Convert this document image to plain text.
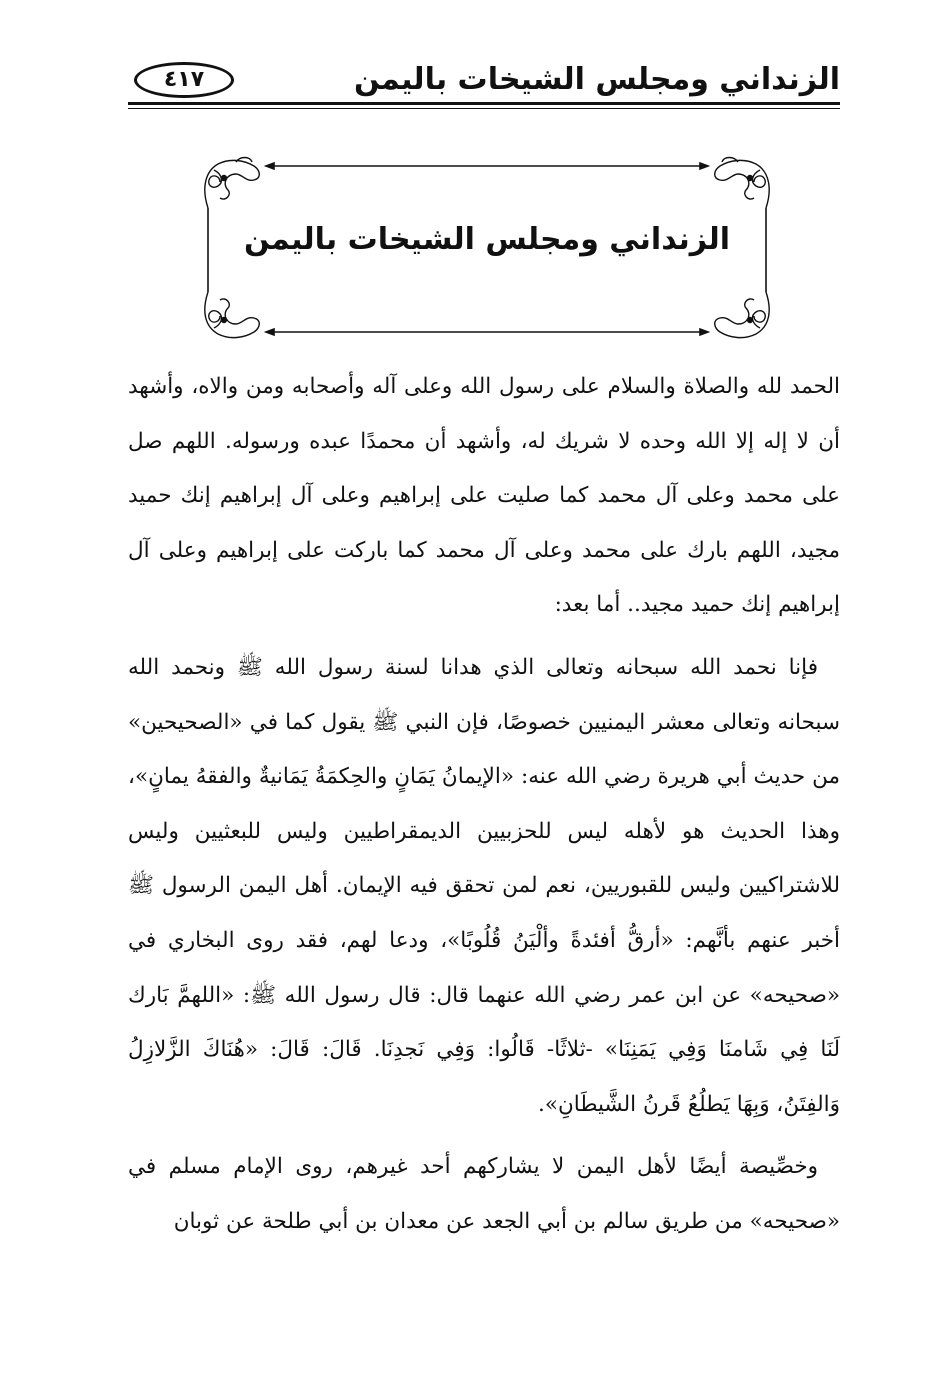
الزنداني ومجلس الشيخات باليمن
٤١٧
الزنداني ومجلس الشيخات باليمن

الحمد لله والصلاة والسلام على رسول الله وعلى آله وأصحابه ومن والاه، وأشهد أن لا إله إلا الله وحده لا شريك له، وأشهد أن محمدًا عبده ورسوله. اللهم صل على محمد وعلى آل محمد كما صليت على إبراهيم وعلى آل إبراهيم إنك حميد مجيد، اللهم بارك على محمد وعلى آل محمد كما باركت على إبراهيم وعلى آل إبراهيم إنك حميد مجيد.. أما بعد:

فإنا نحمد الله سبحانه وتعالى الذي هدانا لسنة رسول الله ﷺ ونحمد الله سبحانه وتعالى معشر اليمنيين خصوصًا، فإن النبي ﷺ يقول كما في «الصحيحين» من حديث أبي هريرة رضي الله عنه: «الإيمانُ يَمَانٍ والحِكمَةُ يَمَانيةٌ والفقهُ يمانٍ»، وهذا الحديث هو لأهله ليس للحزبيين الديمقراطيين وليس للبعثيين وليس للاشتراكيين وليس للقبوريين، نعم لمن تحقق فيه الإيمان. أهل اليمن الرسول ﷺ أخبر عنهم بأنَّهم: «أرقُّ أفئدةً وألْيَنُ قُلُوبًا»، ودعا لهم، فقد روى البخاري في «صحيحه» عن ابن عمر رضي الله عنهما قال: قال رسول الله ﷺ: «اللهمَّ بَارك لَنَا فِي شَامنَا وَفِي يَمَنِنَا» -ثلاثًا- قَالُوا: وَفِي نَجدِنَا. قَالَ: قَالَ: «هُنَاكَ الزَّلازِلُ وَالفِتَنُ، وَبِهَا يَطلُعُ قَرنُ الشَّيطَانِ».

وخصِّيصة أيضًا لأهل اليمن لا يشاركهم أحد غيرهم، روى الإمام مسلم في «صحيحه» من طريق سالم بن أبي الجعد عن معدان بن أبي طلحة عن ثوبان
